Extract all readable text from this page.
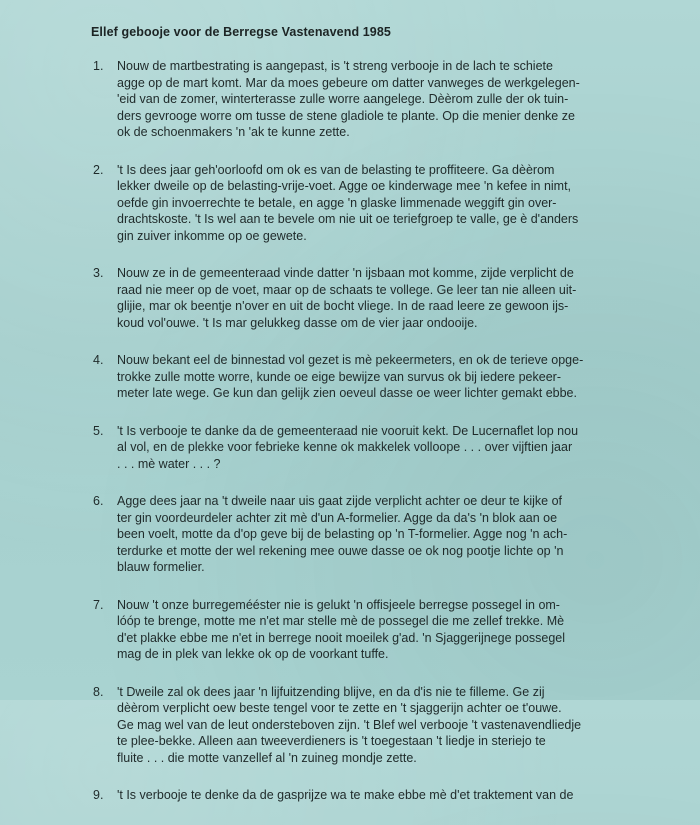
Ellef gebooje voor de Berregse Vastenavend 1985
1. Nouw de martbestrating is aangepast, is 't streng verbooje in de lach te schiete
agge op de mart komt. Mar da moes gebeure om datter vanweges de werkgelegen-
'eid van de zomer, winterterasse zulle worre aangelege. Dèèrom zulle der ok tuin-
ders gevrooge worre om tusse de stene gladiole te plante. Op die menier denke ze
ok de schoenmakers 'n 'ak te kunne zette.
2. 't Is dees jaar geh'oorloofd om ok es van de belasting te proffiteere. Ga dèèrom
lekker dweile op de belasting-vrije-voet. Agge oe kinderwage mee 'n kefee in nimt,
oefde gin invoerrechte te betale, en agge 'n glaske limmenade weggift gin over-
drachtskoste. 't Is wel aan te bevele om nie uit oe teriefgroep te valle, ge è d'anders
gin zuiver inkomme op oe gewete.
3. Nouw ze in de gemeenteraad vinde datter 'n ijsbaan mot komme, zijde verplicht de
raad nie meer op de voet, maar op de schaats te vollege. Ge leer tan nie alleen uit-
glijie, mar ok beentje n'over en uit de bocht vliege. In de raad leere ze gewoon ijs-
koud vol'ouwe. 't Is mar gelukkeg dasse om de vier jaar ondooije.
4. Nouw bekant eel de binnestad vol gezet is mè pekeermeters, en ok de terieve opge-
trokke zulle motte worre, kunde oe eige bewijze van survus ok bij iedere pekeer-
meter late wege. Ge kun dan gelijk zien oeveul dasse oe weer lichter gemakt ebbe.
5. 't Is verbooje te danke da de gemeenteraad nie vooruit kekt. De Lucernaflet lop nou
al vol, en de plekke voor febrieke kenne ok makkelek volloope . . . over vijftien jaar
. . . mè water . . . ?
6. Agge dees jaar na 't dweile naar uis gaat zijde verplicht achter oe deur te kijke of
ter gin voordeurdeler achter zit mè d'un A-formelier. Agge da da's 'n blok aan oe
been voelt, motte da d'op geve bij de belasting op 'n T-formelier. Agge nog 'n ach-
terdurke et motte der wel rekening mee ouwe dasse oe ok nog pootje lichte op 'n
blauw formelier.
7. Nouw 't onze burregemééster nie is gelukt 'n offisjeele berregse possegel in om-
lóóp te brenge, motte me n'et mar stelle mè de possegel die me zellef trekke. Mè
d'et plakke ebbe me n'et in berrege nooit moeilek g'ad. 'n Sjaggerijnege possegel
mag de in plek van lekke ok op de voorkant tuffe.
8. 't Dweile zal ok dees jaar 'n lijfuitzending blijve, en da d'is nie te filleme. Ge zij
dèèrom verplicht oew beste tengel voor te zette en 't sjaggerijn achter oe t'ouwe.
Ge mag wel van de leut ondersteboven zijn. 't Blef wel verbooje 't vastenavendliedje
te plee-bekke. Alleen aan tweeverdieners is 't toegestaan 't liedje in steriejo te
fluite . . . die motte vanzellef al 'n zuineg mondje zette.
9. 't Is verbooje te denke da de gasprijze wa te make ebbe mè d'et traktement van de
